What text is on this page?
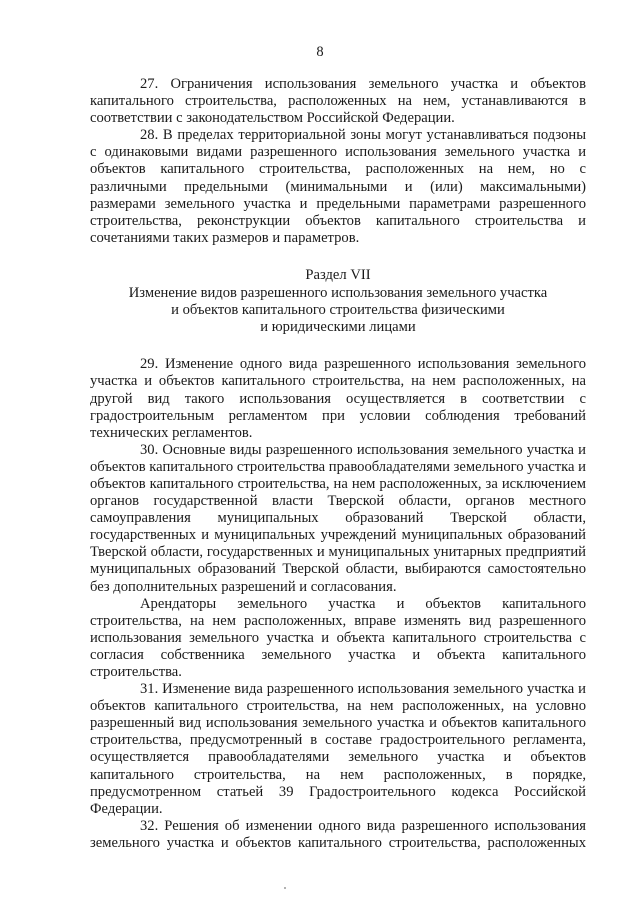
8

27. Ограничения использования земельного участка и объектов капитального строительства, расположенных на нем, устанавливаются в соответствии с законодательством Российской Федерации.

28. В пределах территориальной зоны могут устанавливаться подзоны с одинаковыми видами разрешенного использования земельного участка и объектов капитального строительства, расположенных на нем, но с различными предельными (минимальными и (или) максимальными) размерами земельного участка и предельными параметрами разрешенного строительства, реконструкции объектов капитального строительства и сочетаниями таких размеров и параметров.

Раздел VII
Изменение видов разрешенного использования земельного участка
и объектов капитального строительства физическими
и юридическими лицами

29. Изменение одного вида разрешенного использования земельного участка и объектов капитального строительства, на нем расположенных, на другой вид такого использования осуществляется в соответствии с градостроительным регламентом при условии соблюдения требований технических регламентов.

30. Основные виды разрешенного использования земельного участка и объектов капитального строительства правообладателями земельного участка и объектов капитального строительства, на нем расположенных, за исключением органов государственной власти Тверской области, органов местного самоуправления муниципальных образований Тверской области, государственных и муниципальных учреждений муниципальных образований Тверской области, государственных и муниципальных унитарных предприятий муниципальных образований Тверской области, выбираются самостоятельно без дополнительных разрешений и согласования.

Арендаторы земельного участка и объектов капитального строительства, на нем расположенных, вправе изменять вид разрешенного использования земельного участка и объекта капитального строительства с согласия собственника земельного участка и объекта капитального строительства.

31. Изменение вида разрешенного использования земельного участка и объектов капитального строительства, на нем расположенных, на условно разрешенный вид использования земельного участка и объектов капитального строительства, предусмотренный в составе градостроительного регламента, осуществляется правообладателями земельного участка и объектов капитального строительства, на нем расположенных, в порядке, предусмотренном статьей 39 Градостроительного кодекса Российской Федерации.

32. Решения об изменении одного вида разрешенного использования земельного участка и объектов капитального строительства, расположенных
